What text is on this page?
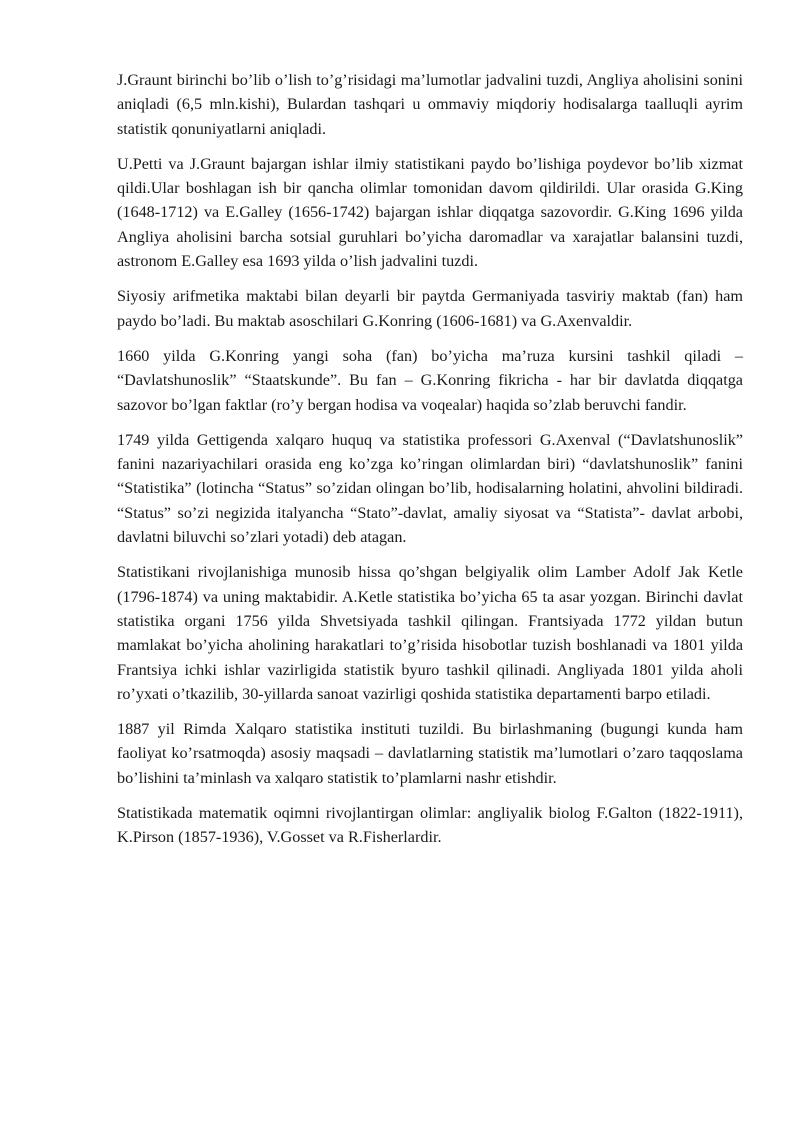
J.Graunt birinchi bo’lib o’lish to’g’risidagi ma’lumotlar jadvalini tuzdi, Angliya aholisini sonini aniqladi (6,5 mln.kishi), Bulardan tashqari u ommaviy miqdoriy hodisalarga taalluqli ayrim statistik qonuniyatlarni aniqladi.

U.Petti va J.Graunt bajargan ishlar ilmiy statistikani paydo bo’lishiga poydevor bo’lib xizmat qildi.Ular boshlagan ish bir qancha olimlar tomonidan davom qildirildi. Ular orasida G.King (1648-1712) va E.Galley (1656-1742) bajargan ishlar diqqatga sazovordir. G.King 1696 yilda Angliya aholisini barcha sotsial guruhlari bo’yicha daromadlar va xarajatlar balansini tuzdi, astronom E.Galley esa 1693 yilda o’lish jadvalini tuzdi.

Siyosiy arifmetika maktabi bilan deyarli bir paytda Germaniyada tasviriy maktab (fan) ham paydo bo’ladi. Bu maktab asoschilari G.Konring (1606-1681) va G.Axenvaldir.

1660 yilda G.Konring yangi soha (fan) bo’yicha ma’ruza kursini tashkil qiladi – “Davlatshunoslik” “Staatskunde”. Bu fan – G.Konring fikricha - har bir davlatda diqqatga sazovor bo’lgan faktlar (ro’y bergan hodisa va voqealar) haqida so’zlab beruvchi fandir.

1749 yilda Gettigenda xalqaro huquq va statistika professori G.Axenval (“Davlatshunoslik” fanini nazariyachilari orasida eng ko’zga ko’ringan olimlardan biri) “davlatshunoslik” fanini “Statistika” (lotincha “Status” so’zidan olingan bo’lib, hodisalarning holatini, ahvolini bildiradi. “Status” so’zi negizida italyancha “Stato”-davlat, amaliy siyosat va “Statista”- davlat arbobi, davlatni biluvchi so’zlari yotadi) deb atagan.

Statistikani rivojlanishiga munosib hissa qo’shgan belgiyalik olim Lamber Adolf Jak Ketle (1796-1874) va uning maktabidir. A.Ketle statistika bo’yicha 65 ta asar yozgan. Birinchi davlat statistika organi 1756 yilda Shvetsiyada tashkil qilingan. Frantsiyada 1772 yildan butun mamlakat bo’yicha aholining harakatlari to’g’risida hisobotlar tuzish boshlanadi va 1801 yilda Frantsiya ichki ishlar vazirligida statistik byuro tashkil qilinadi. Angliyada 1801 yilda aholi ro’yxati o’tkazilib, 30-yillarda sanoat vazirligi qoshida statistika departamenti barpo etiladi.

1887 yil Rimda Xalqaro statistika instituti tuzildi. Bu birlashmaning (bugungi kunda ham faoliyat ko’rsatmoqda) asosiy maqsadi – davlatlarning statistik ma’lumotlari o’zaro taqqoslama bo’lishini ta’minlash va xalqaro statistik to’plamlarni nashr etishdir.

Statistikada matematik oqimni rivojlantirgan olimlar: angliyalik biolog F.Galton (1822-1911), K.Pirson (1857-1936), V.Gosset va R.Fisherlardir.
